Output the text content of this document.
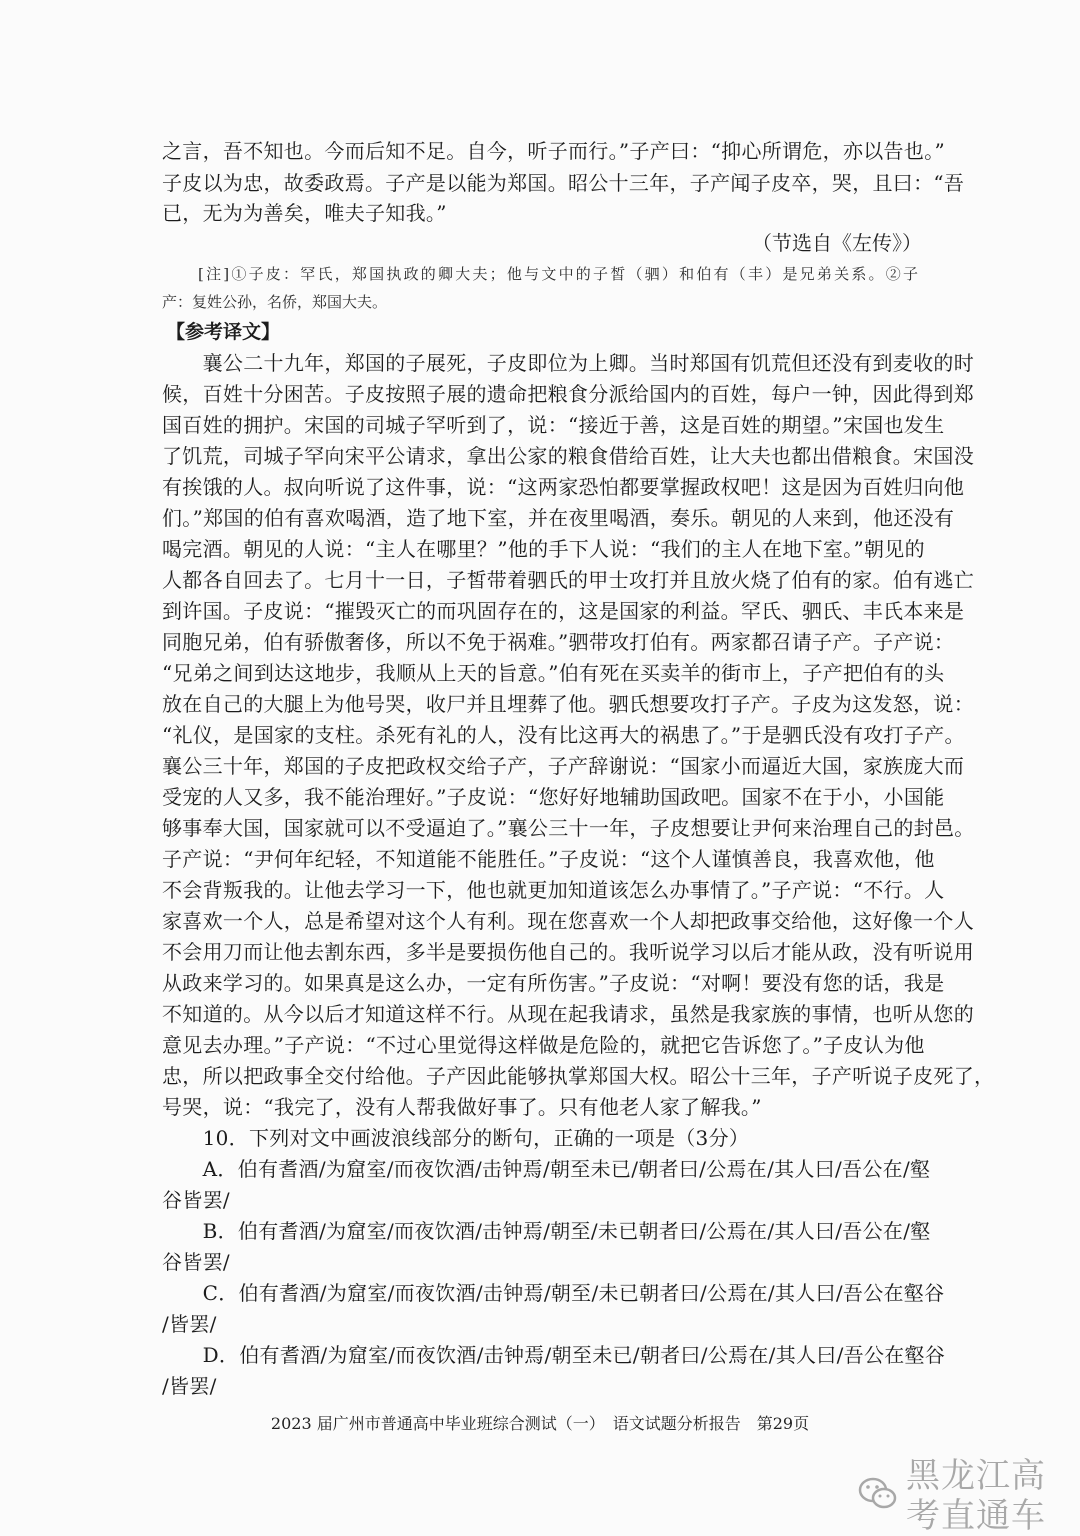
之言，吾不知也。今而后知不足。自今，听子而行。”子产曰：“抑心所谓危，亦以告也。”
子皮以为忠，故委政焉。子产是以能为郑国。昭公十三年，子产闻子皮卒，哭，且曰：“吾
已，无为为善矣，唯夫子知我。”
（节选自《左传》）
[注]①子皮：罕氏，郑国执政的卿大夫；他与文中的子皙（驷）和伯有（丰）是兄弟关系。②子
产：复姓公孙，名侨，郑国大夫。
【参考译文】
　　襄公二十九年，郑国的子展死，子皮即位为上卿。当时郑国有饥荒但还没有到麦收的时
候，百姓十分困苦。子皮按照子展的遗命把粮食分派给国内的百姓，每户一钟，因此得到郑
国百姓的拥护。宋国的司城子罕听到了，说：“接近于善，这是百姓的期望。”宋国也发生
了饥荒，司城子罕向宋平公请求，拿出公家的粮食借给百姓，让大夫也都出借粮食。宋国没
有挨饿的人。叔向听说了这件事，说：“这两家恐怕都要掌握政权吧！这是因为百姓归向他
们。”郑国的伯有喜欢喝酒，造了地下室，并在夜里喝酒，奏乐。朝见的人来到，他还没有
喝完酒。朝见的人说：“主人在哪里？”他的手下人说：“我们的主人在地下室。”朝见的
人都各自回去了。七月十一日，子皙带着驷氏的甲士攻打并且放火烧了伯有的家。伯有逃亡
到许国。子皮说：“摧毁灭亡的而巩固存在的，这是国家的利益。罕氏、驷氏、丰氏本来是
同胞兄弟，伯有骄傲奢侈，所以不免于祸难。”驷带攻打伯有。两家都召请子产。子产说：
“兄弟之间到达这地步，我顺从上天的旨意。”伯有死在买卖羊的街市上，子产把伯有的头
放在自己的大腿上为他号哭，收尸并且埋葬了他。驷氏想要攻打子产。子皮为这发怒，说：
“礼仪，是国家的支柱。杀死有礼的人，没有比这再大的祸患了。”于是驷氏没有攻打子产。
襄公三十年，郑国的子皮把政权交给子产，子产辞谢说：“国家小而逼近大国，家族庞大而
受宠的人又多，我不能治理好。”子皮说：“您好好地辅助国政吧。国家不在于小，小国能
够事奉大国，国家就可以不受逼迫了。”襄公三十一年，子皮想要让尹何来治理自己的封邑。
子产说：“尹何年纪轻，不知道能不能胜任。”子皮说：“这个人谨慎善良，我喜欢他，他
不会背叛我的。让他去学习一下，他也就更加知道该怎么办事情了。”子产说：“不行。人
家喜欢一个人，总是希望对这个人有利。现在您喜欢一个人却把政事交给他，这好像一个人
不会用刀而让他去割东西，多半是要损伤他自己的。我听说学习以后才能从政，没有听说用
从政来学习的。如果真是这么办，一定有所伤害。”子皮说：“对啊！要没有您的话，我是
不知道的。从今以后才知道这样不行。从现在起我请求，虽然是我家族的事情，也听从您的
意见去办理。”子产说：“不过心里觉得这样做是危险的，就把它告诉您了。”子皮认为他
忠，所以把政事全交付给他。子产因此能够执掌郑国大权。昭公十三年，子产听说子皮死了，
号哭，说：“我完了，没有人帮我做好事了。只有他老人家了解我。”
　　10．下列对文中画波浪线部分的断句，正确的一项是（3分）
　　A．伯有耆酒/为窟室/而夜饮酒/击钟焉/朝至未已/朝者曰/公焉在/其人曰/吾公在/壑
谷皆罢/
　　B．伯有耆酒/为窟室/而夜饮酒/击钟焉/朝至/未已朝者曰/公焉在/其人曰/吾公在/壑
谷皆罢/
　　C．伯有耆酒/为窟室/而夜饮酒/击钟焉/朝至/未已朝者曰/公焉在/其人曰/吾公在壑谷
/皆罢/
　　D．伯有耆酒/为窟室/而夜饮酒/击钟焉/朝至未已/朝者曰/公焉在/其人曰/吾公在壑谷
/皆罢/
2023 届广州市普通高中毕业班综合测试（一）　语文试题分析报告　第29页
黑龙江高考直通车
